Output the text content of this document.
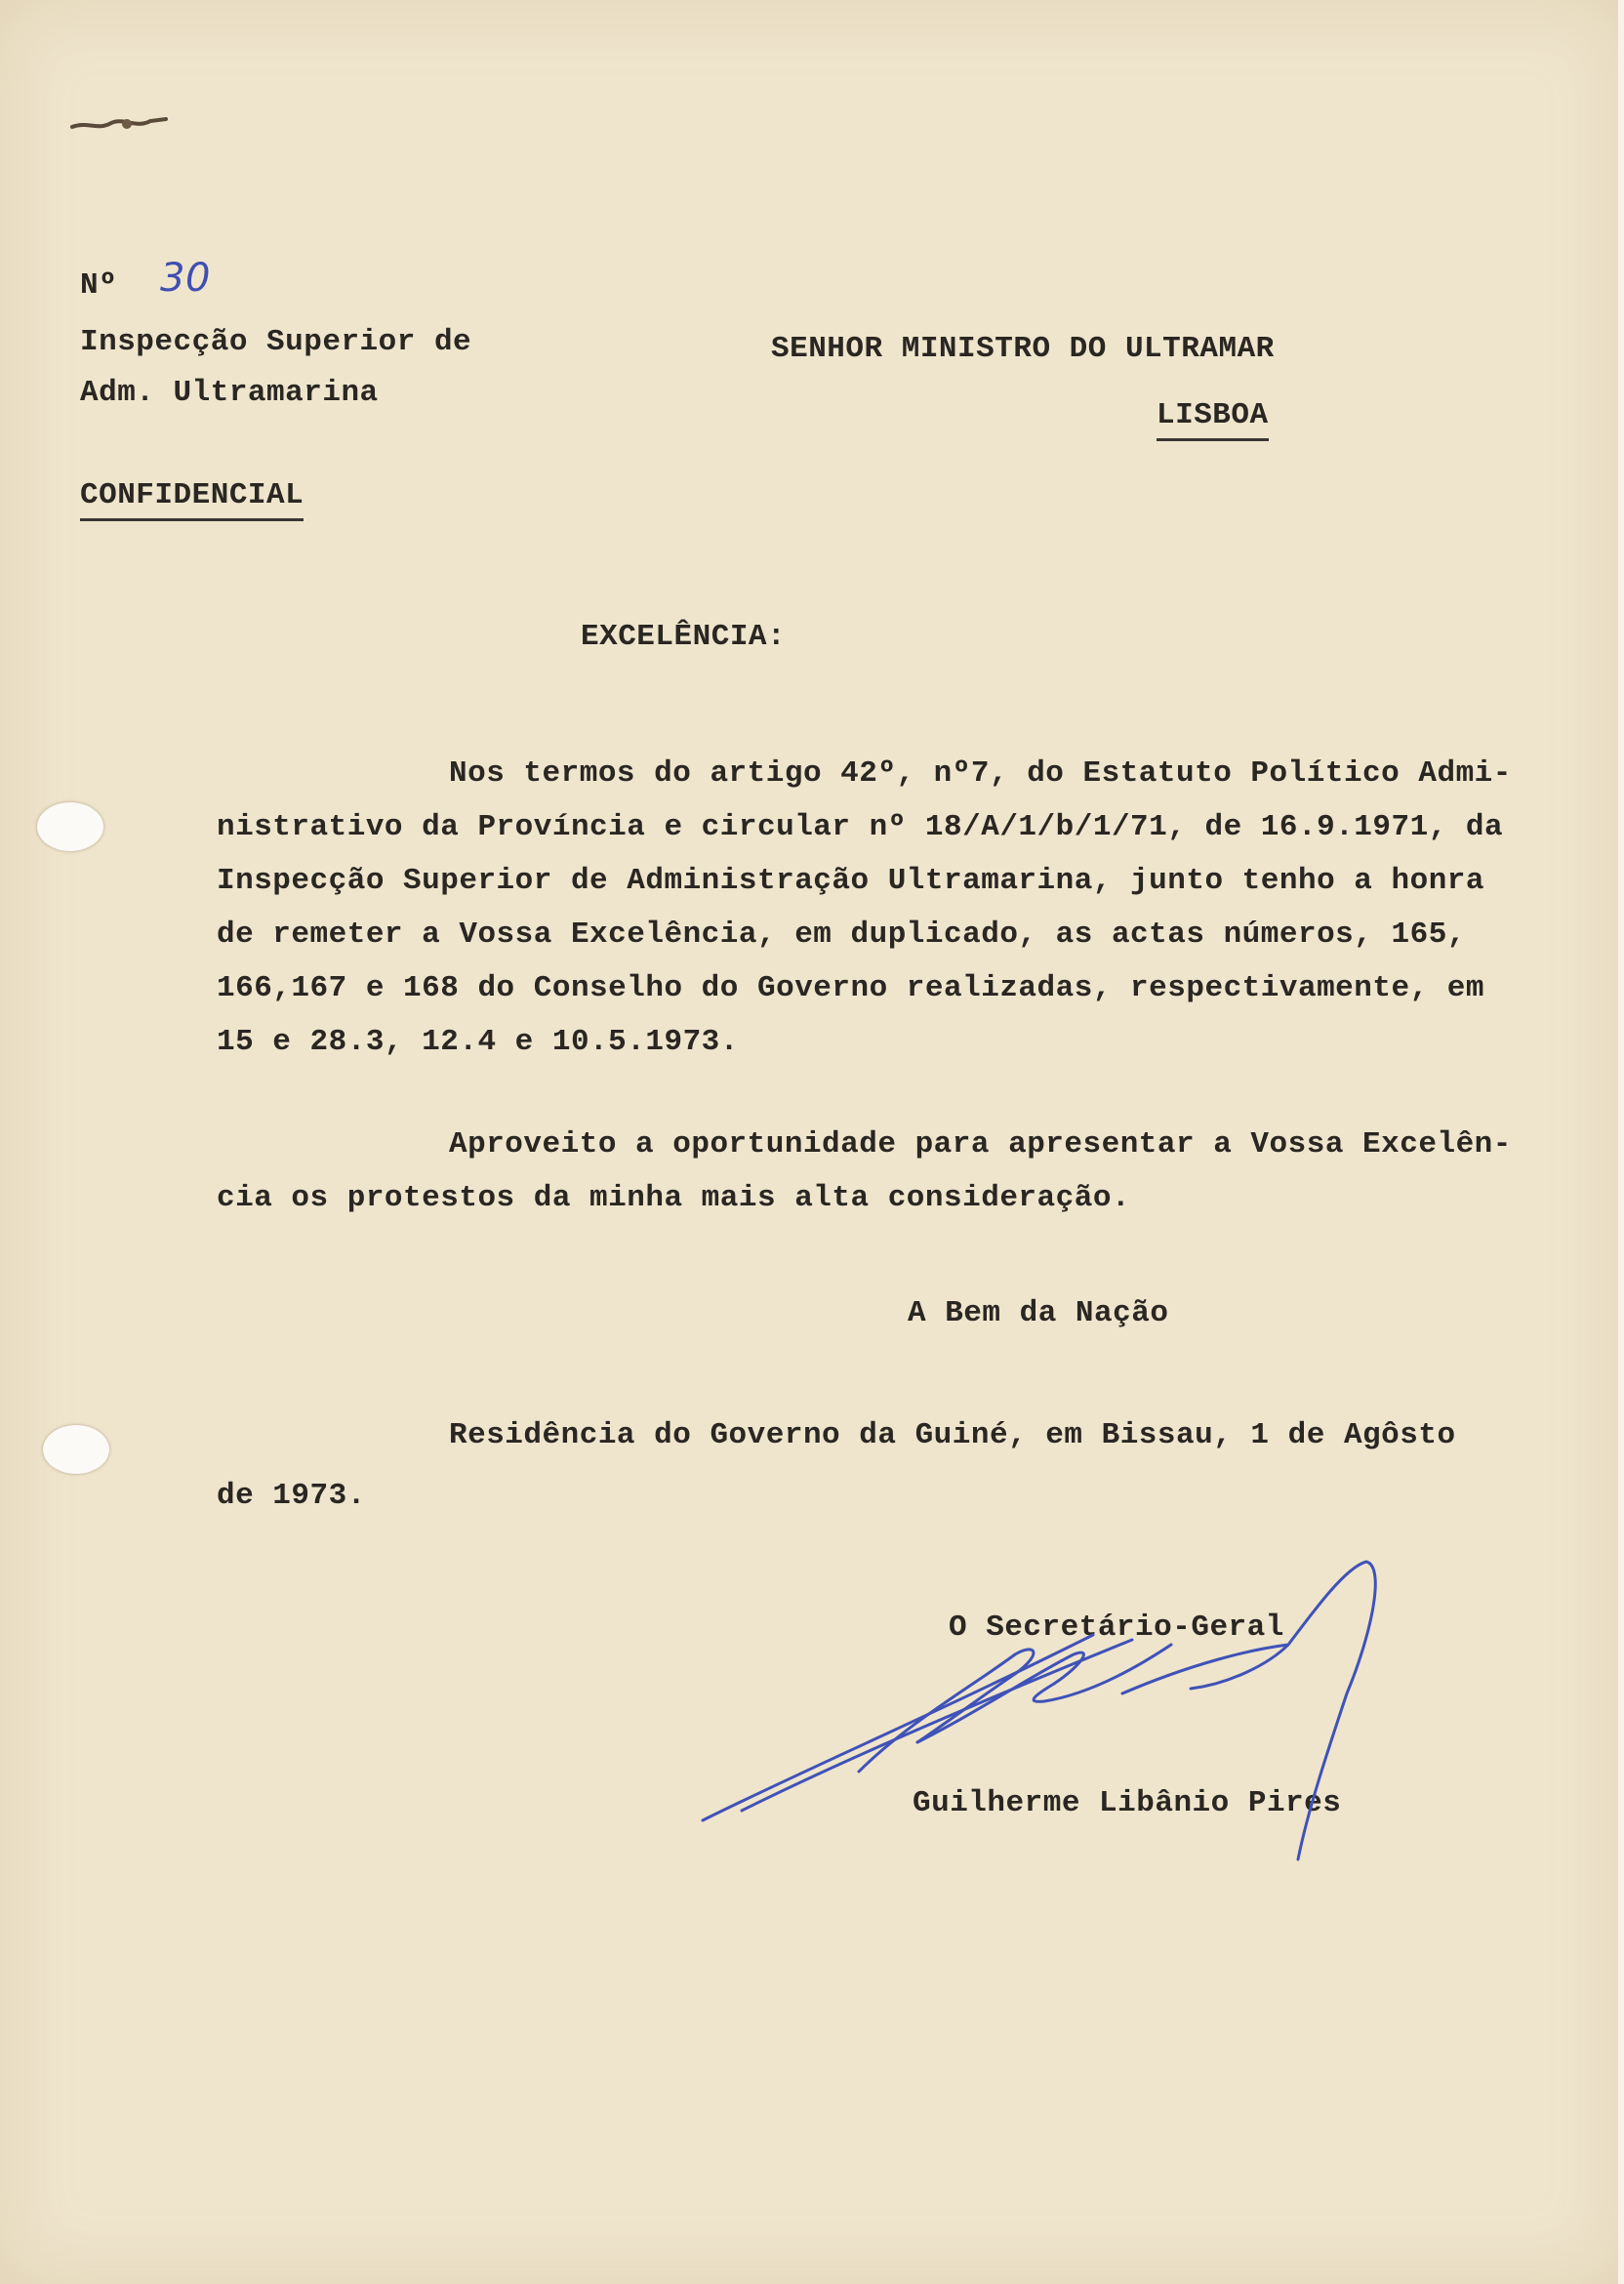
Nº 30
Inspecção Superior de
Adm. Ultramarina
SENHOR MINISTRO DO ULTRAMAR
LISBOA
CONFIDENCIAL
EXCELÊNCIA:
Nos termos do artigo 42º, nº7, do Estatuto Político Admi-
nistrativo da Província e circular nº 18/A/1/b/1/71, de 16.9.1971, da
Inspecção Superior de Administração Ultramarina, junto tenho a honra
de remeter a Vossa Excelência, em duplicado, as actas números, 165,
166,167 e 168 do Conselho do Governo realizadas, respectivamente, em
15 e 28.3, 12.4 e 10.5.1973.
Aproveito a oportunidade para apresentar a Vossa Excelên-
cia os protestos da minha mais alta consideração.
A Bem da Nação
Residência do Governo da Guiné, em Bissau, 1 de Agôsto
de 1973.
O Secretário-Geral
Guilherme Libânio Pires
